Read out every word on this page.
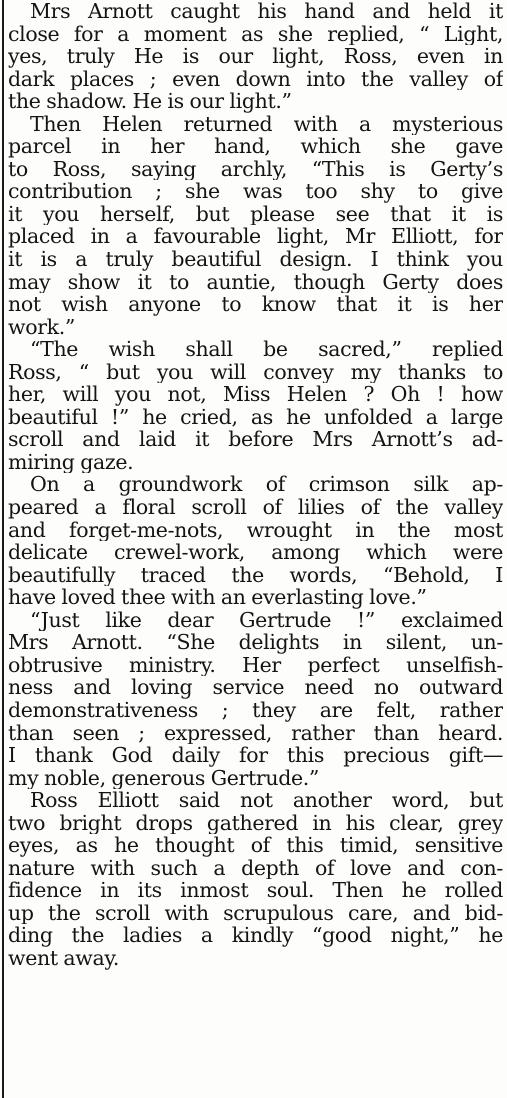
Mrs Arnott caught his hand and held it
close for a moment as she replied, “ Light,
yes, truly He is our light, Ross, even in
dark places ; even down into the valley of
the shadow. He is our light.”
Then Helen returned with a mysterious
parcel in her hand, which she gave
to Ross, saying archly, “This is Gerty’s
contribution ; she was too shy to give
it you herself, but please see that it is
placed in a favourable light, Mr Elliott, for
it is a truly beautiful design. I think you
may show it to auntie, though Gerty does
not wish anyone to know that it is her
work.”
“The wish shall be sacred,” replied
Ross, “ but you will convey my thanks to
her, will you not, Miss Helen ? Oh ! how
beautiful !” he cried, as he unfolded a large
scroll and laid it before Mrs Arnott’s ad-
miring gaze.
On a groundwork of crimson silk ap-
peared a floral scroll of lilies of the valley
and forget-me-nots, wrought in the most
delicate crewel-work, among which were
beautifully traced the words, “Behold, I
have loved thee with an everlasting love.”
“Just like dear Gertrude !” exclaimed
Mrs Arnott. “She delights in silent, un-
obtrusive ministry. Her perfect unselfish-
ness and loving service need no outward
demonstrativeness ; they are felt, rather
than seen ; expressed, rather than heard.
I thank God daily for this precious gift—
my noble, generous Gertrude.”
Ross Elliott said not another word, but
two bright drops gathered in his clear, grey
eyes, as he thought of this timid, sensitive
nature with such a depth of love and con-
fidence in its inmost soul. Then he rolled
up the scroll with scrupulous care, and bid-
ding the ladies a kindly “good night,” he
went away.
